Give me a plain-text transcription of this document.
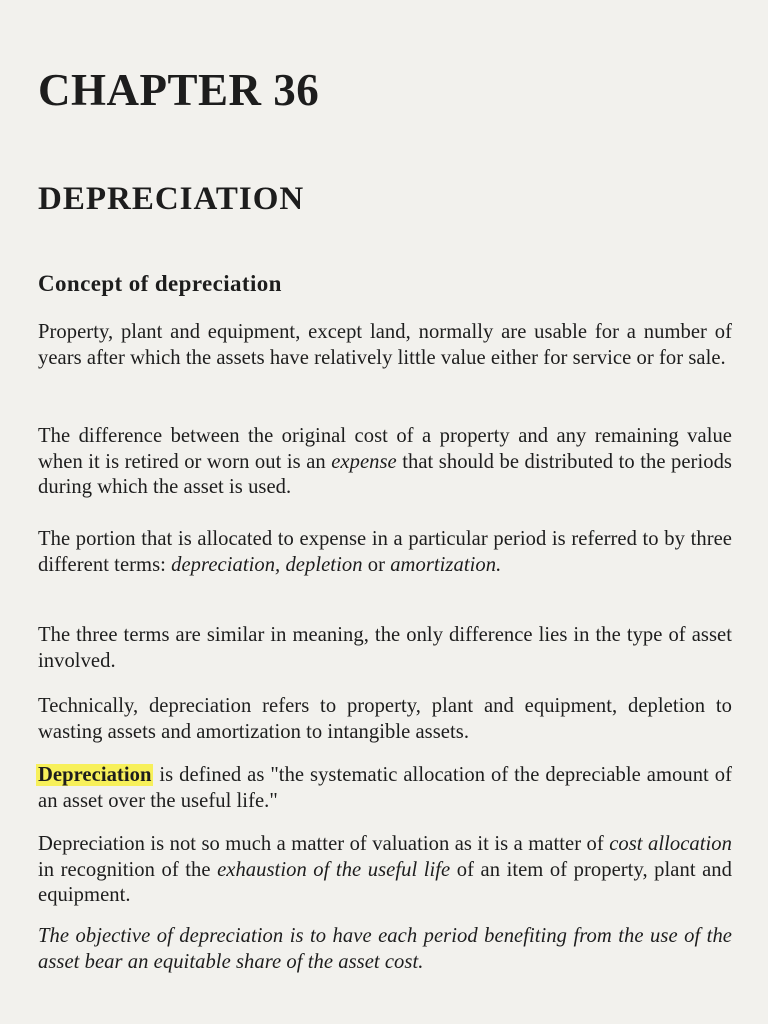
CHAPTER 36
DEPRECIATION
Concept of depreciation

Property, plant and equipment, except land, normally are usable for a number of years after which the assets have relatively little value either for service or for sale.

The difference between the original cost of a property and any remaining value when it is retired or worn out is an expense that should be distributed to the periods during which the asset is used.

The portion that is allocated to expense in a particular period is referred to by three different terms: depreciation, depletion or amortization.

The three terms are similar in meaning, the only difference lies in the type of asset involved.

Technically, depreciation refers to property, plant and equipment, depletion to wasting assets and amortization to intangible assets.

Depreciation is defined as "the systematic allocation of the depreciable amount of an asset over the useful life."

Depreciation is not so much a matter of valuation as it is a matter of cost allocation in recognition of the exhaustion of the useful life of an item of property, plant and equipment.

The objective of depreciation is to have each period benefiting from the use of the asset bear an equitable share of the asset cost.
